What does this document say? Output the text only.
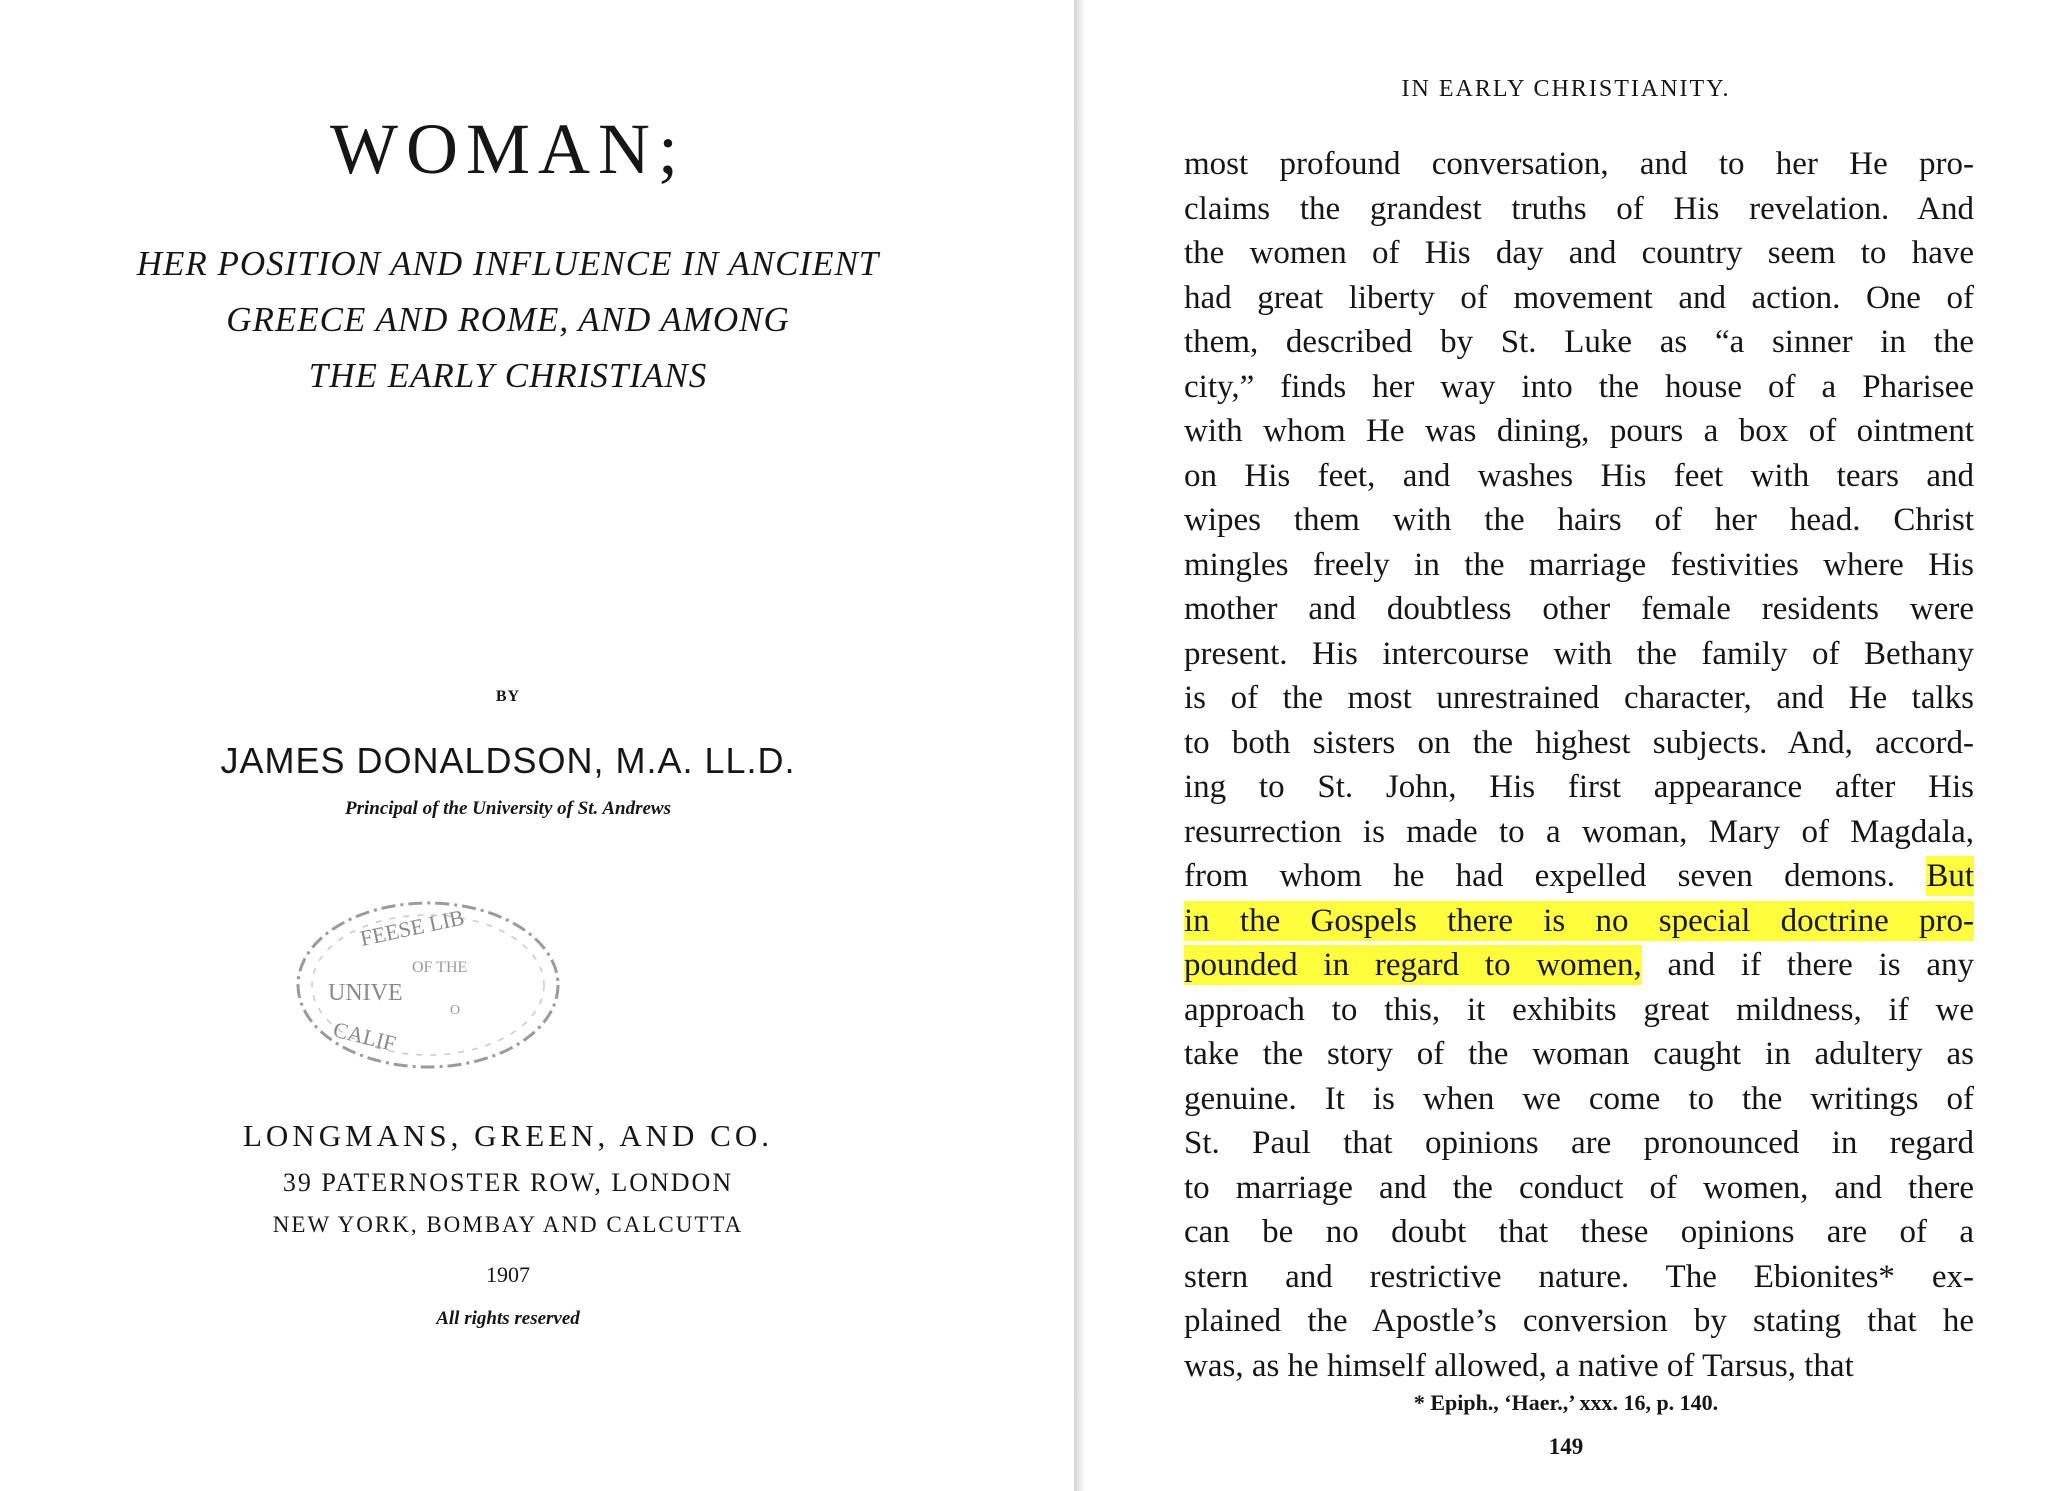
WOMAN;
HER POSITION AND INFLUENCE IN ANCIENT
GREECE AND ROME, AND AMONG
THE EARLY CHRISTIANS
BY
JAMES DONALDSON, M.A. LL.D.
Principal of the University of St. Andrews
FEESE LIB
OF THE
UNIVE
O
CALIF
LONGMANS, GREEN, AND CO.
39 PATERNOSTER ROW, LONDON
NEW YORK, BOMBAY AND CALCUTTA
1907
All rights reserved
IN EARLY CHRISTIANITY.
most profound conversation, and to her He pro-
claims the grandest truths of His revelation. And
the women of His day and country seem to have
had great liberty of movement and action. One of
them, described by St. Luke as “a sinner in the
city,” finds her way into the house of a Pharisee
with whom He was dining, pours a box of ointment
on His feet, and washes His feet with tears and
wipes them with the hairs of her head. Christ
mingles freely in the marriage festivities where His
mother and doubtless other female residents were
present. His intercourse with the family of Bethany
is of the most unrestrained character, and He talks
to both sisters on the highest subjects. And, accord-
ing to St. John, His first appearance after His
resurrection is made to a woman, Mary of Magdala,
from whom he had expelled seven demons. But
in the Gospels there is no special doctrine pro-
pounded in regard to women, and if there is any
approach to this, it exhibits great mildness, if we
take the story of the woman caught in adultery as
genuine. It is when we come to the writings of
St. Paul that opinions are pronounced in regard
to marriage and the conduct of women, and there
can be no doubt that these opinions are of a
stern and restrictive nature. The Ebionites* ex-
plained the Apostle’s conversion by stating that he
was, as he himself allowed, a native of Tarsus, that
* Epiph., ‘Haer.,’ xxx. 16, p. 140.
149
